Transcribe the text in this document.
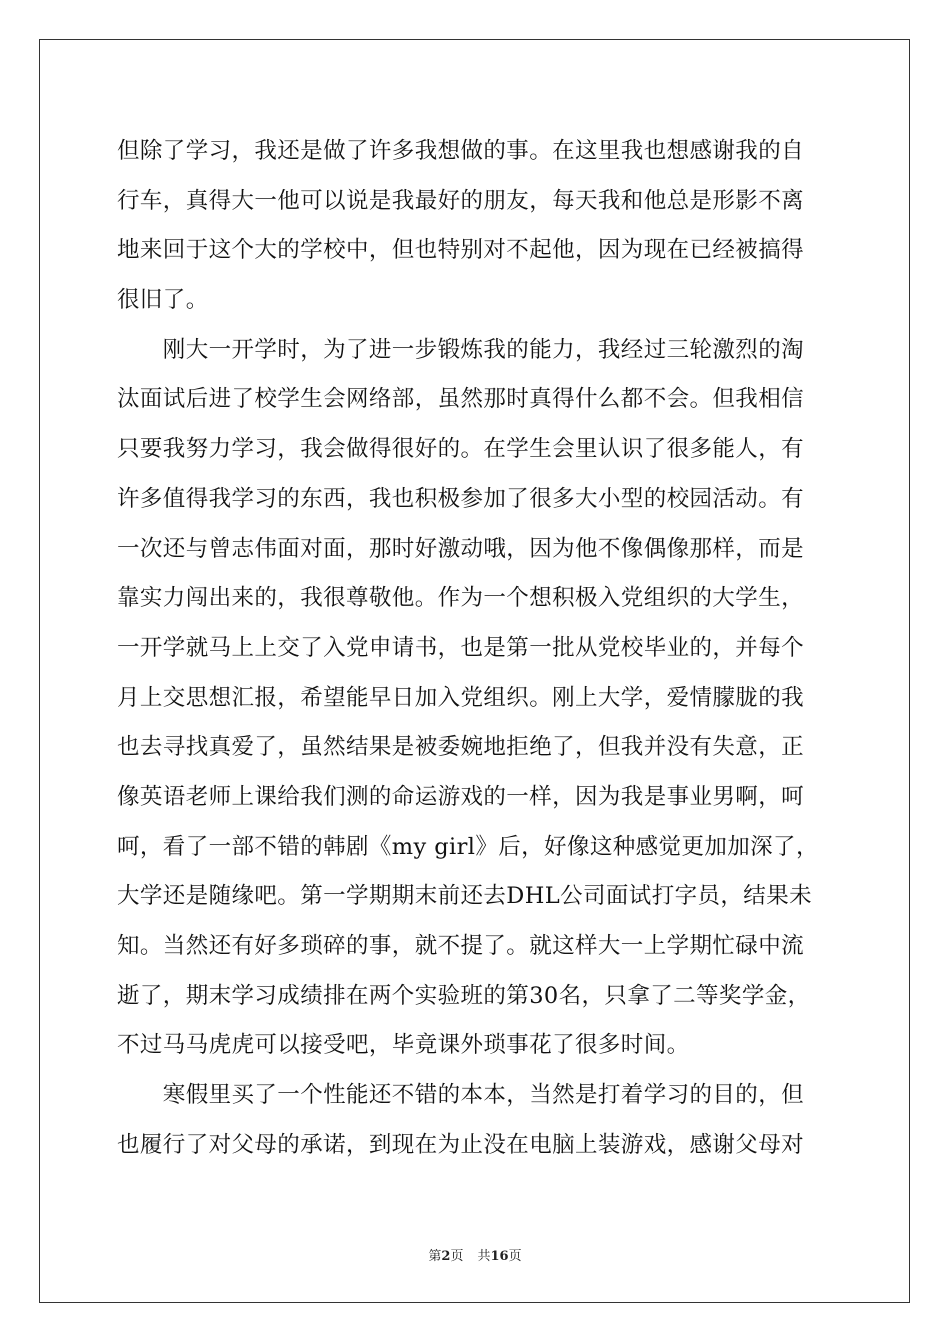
但除了学习，我还是做了许多我想做的事。在这里我也想感谢我的自
行车，真得大一他可以说是我最好的朋友，每天我和他总是形影不离
地来回于这个大的学校中，但也特别对不起他，因为现在已经被搞得
很旧了。
　　刚大一开学时，为了进一步锻炼我的能力，我经过三轮激烈的淘
汰面试后进了校学生会网络部，虽然那时真得什么都不会。但我相信
只要我努力学习，我会做得很好的。在学生会里认识了很多能人，有
许多值得我学习的东西，我也积极参加了很多大小型的校园活动。有
一次还与曾志伟面对面，那时好激动哦，因为他不像偶像那样，而是
靠实力闯出来的，我很尊敬他。作为一个想积极入党组织的大学生，
一开学就马上上交了入党申请书，也是第一批从党校毕业的，并每个
月上交思想汇报，希望能早日加入党组织。刚上大学，爱情朦胧的我
也去寻找真爱了，虽然结果是被委婉地拒绝了，但我并没有失意，正
像英语老师上课给我们测的命运游戏的一样，因为我是事业男啊，呵
呵，看了一部不错的韩剧《my girl》后，好像这种感觉更加加深了，
大学还是随缘吧。第一学期期末前还去DHL公司面试打字员，结果未
知。当然还有好多琐碎的事，就不提了。就这样大一上学期忙碌中流
逝了，期末学习成绩排在两个实验班的第30名，只拿了二等奖学金，
不过马马虎虎可以接受吧，毕竟课外琐事花了很多时间。
　　寒假里买了一个性能还不错的本本，当然是打着学习的目的，但
也履行了对父母的承诺，到现在为止没在电脑上装游戏，感谢父母对
第2页 共16页
